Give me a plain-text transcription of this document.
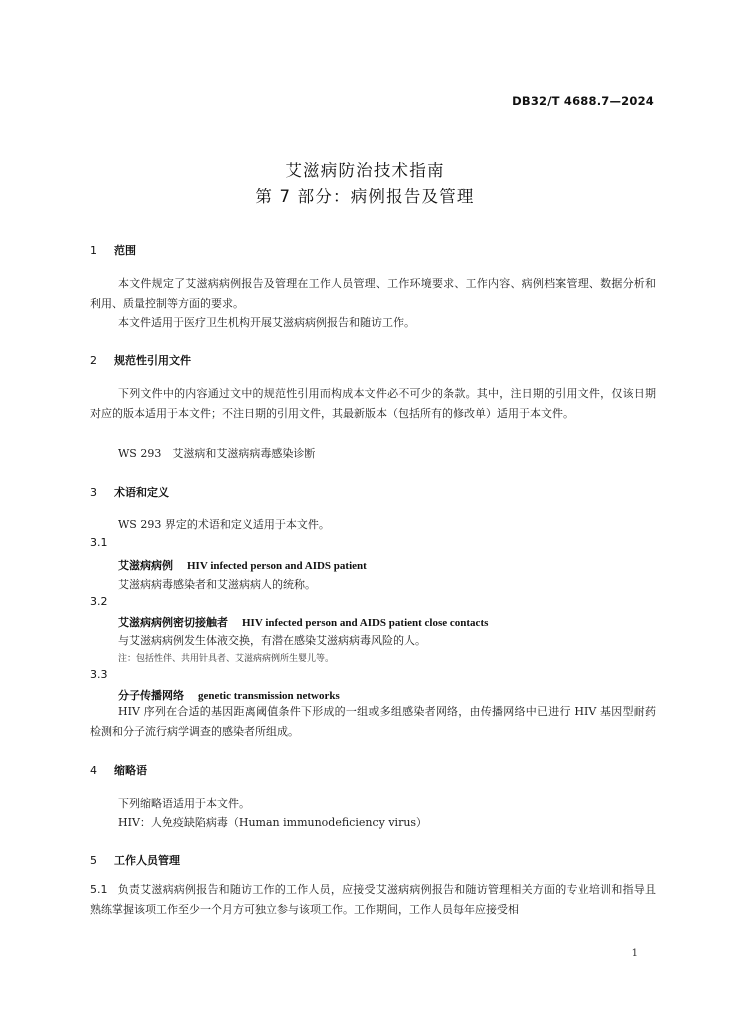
DB32/T 4688.7—2024
艾滋病防治技术指南
第 7 部分：病例报告及管理
1 范围
本文件规定了艾滋病病例报告及管理在工作人员管理、工作环境要求、工作内容、病例档案管理、数据分析和利用、质量控制等方面的要求。
本文件适用于医疗卫生机构开展艾滋病病例报告和随访工作。
2 规范性引用文件
下列文件中的内容通过文中的规范性引用而构成本文件必不可少的条款。其中，注日期的引用文件，仅该日期对应的版本适用于本文件；不注日期的引用文件，其最新版本（包括所有的修改单）适用于本文件。
WS 293　艾滋病和艾滋病病毒感染诊断
3 术语和定义
WS 293 界定的术语和定义适用于本文件。
3.1
艾滋病病例 HIV infected person and AIDS patient
艾滋病病毒感染者和艾滋病病人的统称。
3.2
艾滋病病例密切接触者 HIV infected person and AIDS patient close contacts
与艾滋病病例发生体液交换，有潜在感染艾滋病病毒风险的人。
注：包括性伴、共用针具者、艾滋病病例所生婴儿等。
3.3
分子传播网络 genetic transmission networks
HIV 序列在合适的基因距离阈值条件下形成的一组或多组感染者网络，由传播网络中已进行 HIV 基因型耐药检测和分子流行病学调查的感染者所组成。
4 缩略语
下列缩略语适用于本文件。
HIV：人免疫缺陷病毒（Human immunodeficiency virus）
5 工作人员管理
5.1 负责艾滋病病例报告和随访工作的工作人员，应接受艾滋病病例报告和随访管理相关方面的专业培训和指导且熟练掌握该项工作至少一个月方可独立参与该项工作。工作期间，工作人员每年应接受相
1
